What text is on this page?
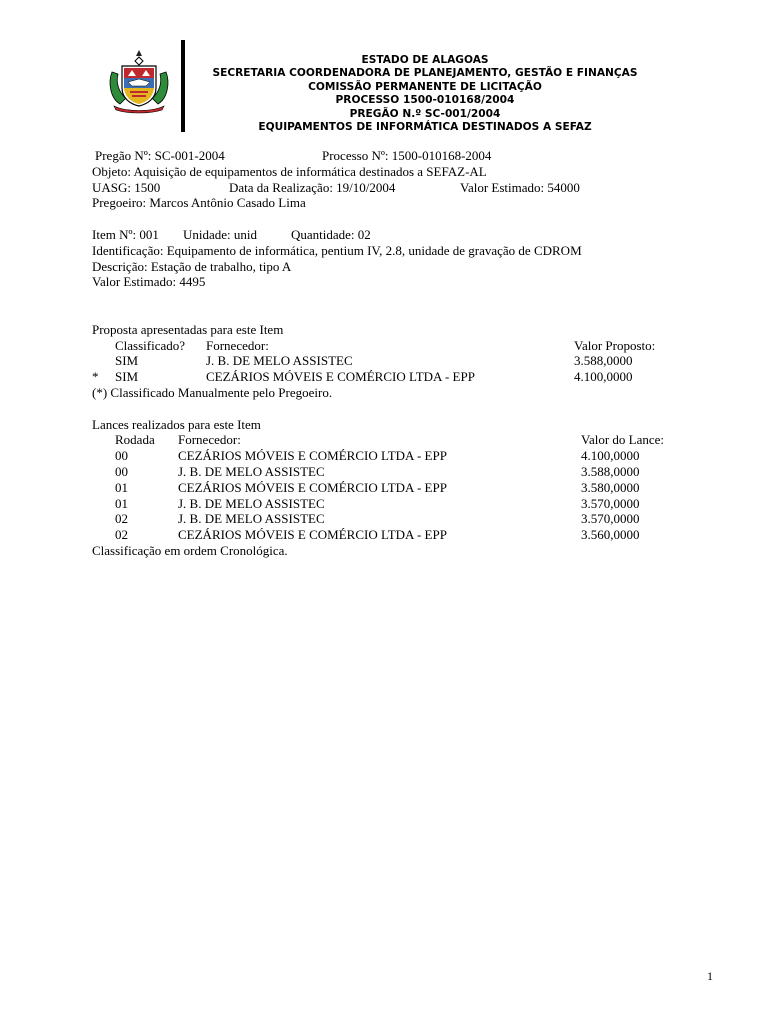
ESTADO DE ALAGOAS
SECRETARIA COORDENADORA DE PLANEJAMENTO, GESTÃO E FINANÇAS
COMISSÃO PERMANENTE DE LICITAÇÃO
PROCESSO 1500-010168/2004
PREGÃO N.º SC-001/2004
EQUIPAMENTOS DE INFORMÁTICA DESTINADOS A SEFAZ
Pregão Nº: SC-001-2004	Processo Nº: 1500-010168-2004
Objeto: Aquisição de equipamentos de informática destinados a SEFAZ-AL
UASG: 1500	Data da Realização: 19/10/2004	Valor Estimado: 54000
Pregoeiro: Marcos Antônio Casado Lima
Item Nº: 001 Unidade: unid	Quantidade: 02
Identificação: Equipamento de informática, pentium IV, 2.8, unidade de gravação de CDROM
Descrição: Estação de trabalho, tipo A
Valor Estimado: 4495
Proposta apresentadas para este Item
Classificado? Fornecedor:	Valor Proposto:
SIM	J. B. DE MELO ASSISTEC	3.588,0000
* SIM	CEZÁRIOS MÓVEIS E COMÉRCIO LTDA - EPP	4.100,0000
(*) Classificado Manualmente pelo Pregoeiro.
Lances realizados para este Item
Rodada Fornecedor:	Valor do Lance:
00	CEZÁRIOS MÓVEIS E COMÉRCIO LTDA - EPP	4.100,0000
00	J. B. DE MELO ASSISTEC	3.588,0000
01	CEZÁRIOS MÓVEIS E COMÉRCIO LTDA - EPP	3.580,0000
01	J. B. DE MELO ASSISTEC	3.570,0000
02	J. B. DE MELO ASSISTEC	3.570,0000
02	CEZÁRIOS MÓVEIS E COMÉRCIO LTDA - EPP	3.560,0000
Classificação em ordem Cronológica.
1
